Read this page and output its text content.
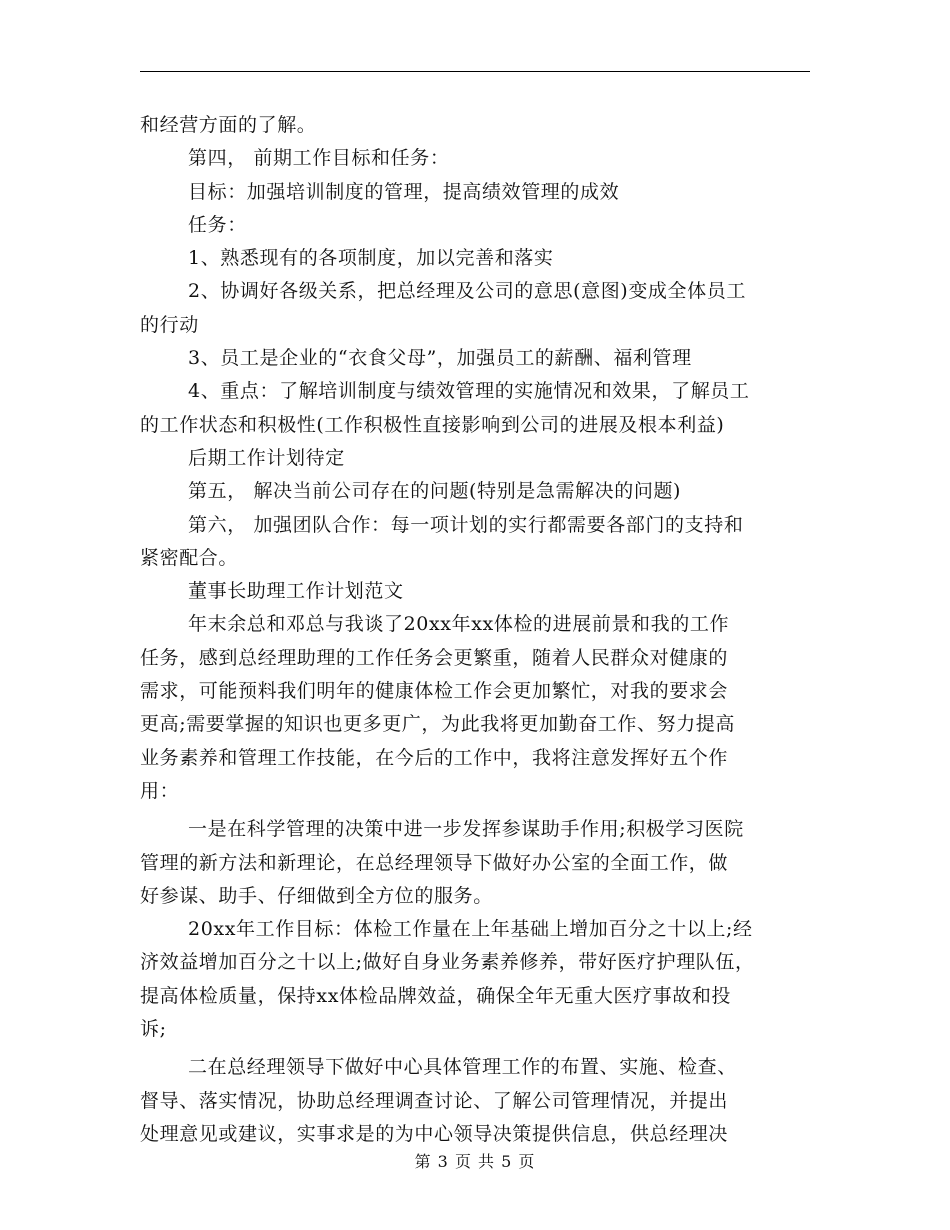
和经营方面的了解。
第四， 前期工作目标和任务：
目标：加强培训制度的管理，提高绩效管理的成效
任务：
1、熟悉现有的各项制度，加以完善和落实
2、协调好各级关系，把总经理及公司的意思(意图)变成全体员工
的行动
3、员工是企业的“衣食父母”，加强员工的薪酬、福利管理
4、重点：了解培训制度与绩效管理的实施情况和效果，了解员工
的工作状态和积极性(工作积极性直接影响到公司的进展及根本利益)
后期工作计划待定
第五， 解决当前公司存在的问题(特别是急需解决的问题)
第六， 加强团队合作：每一项计划的实行都需要各部门的支持和
紧密配合。
董事长助理工作计划范文
年末余总和邓总与我谈了20xx年xx体检的进展前景和我的工作
任务，感到总经理助理的工作任务会更繁重，随着人民群众对健康的
需求，可能预料我们明年的健康体检工作会更加繁忙，对我的要求会
更高;需要掌握的知识也更多更广，为此我将更加勤奋工作、努力提高
业务素养和管理工作技能，在今后的工作中，我将注意发挥好五个作
用：
一是在科学管理的决策中进一步发挥参谋助手作用;积极学习医院
管理的新方法和新理论，在总经理领导下做好办公室的全面工作，做
好参谋、助手、仔细做到全方位的服务。
20xx年工作目标：体检工作量在上年基础上增加百分之十以上;经
济效益增加百分之十以上;做好自身业务素养修养，带好医疗护理队伍，
提高体检质量，保持xx体检品牌效益，确保全年无重大医疗事故和投
诉;
二在总经理领导下做好中心具体管理工作的布置、实施、检查、
督导、落实情况，协助总经理调查讨论、了解公司管理情况，并提出
处理意见或建议，实事求是的为中心领导决策提供信息，供总经理决
第 3 页 共 5 页
